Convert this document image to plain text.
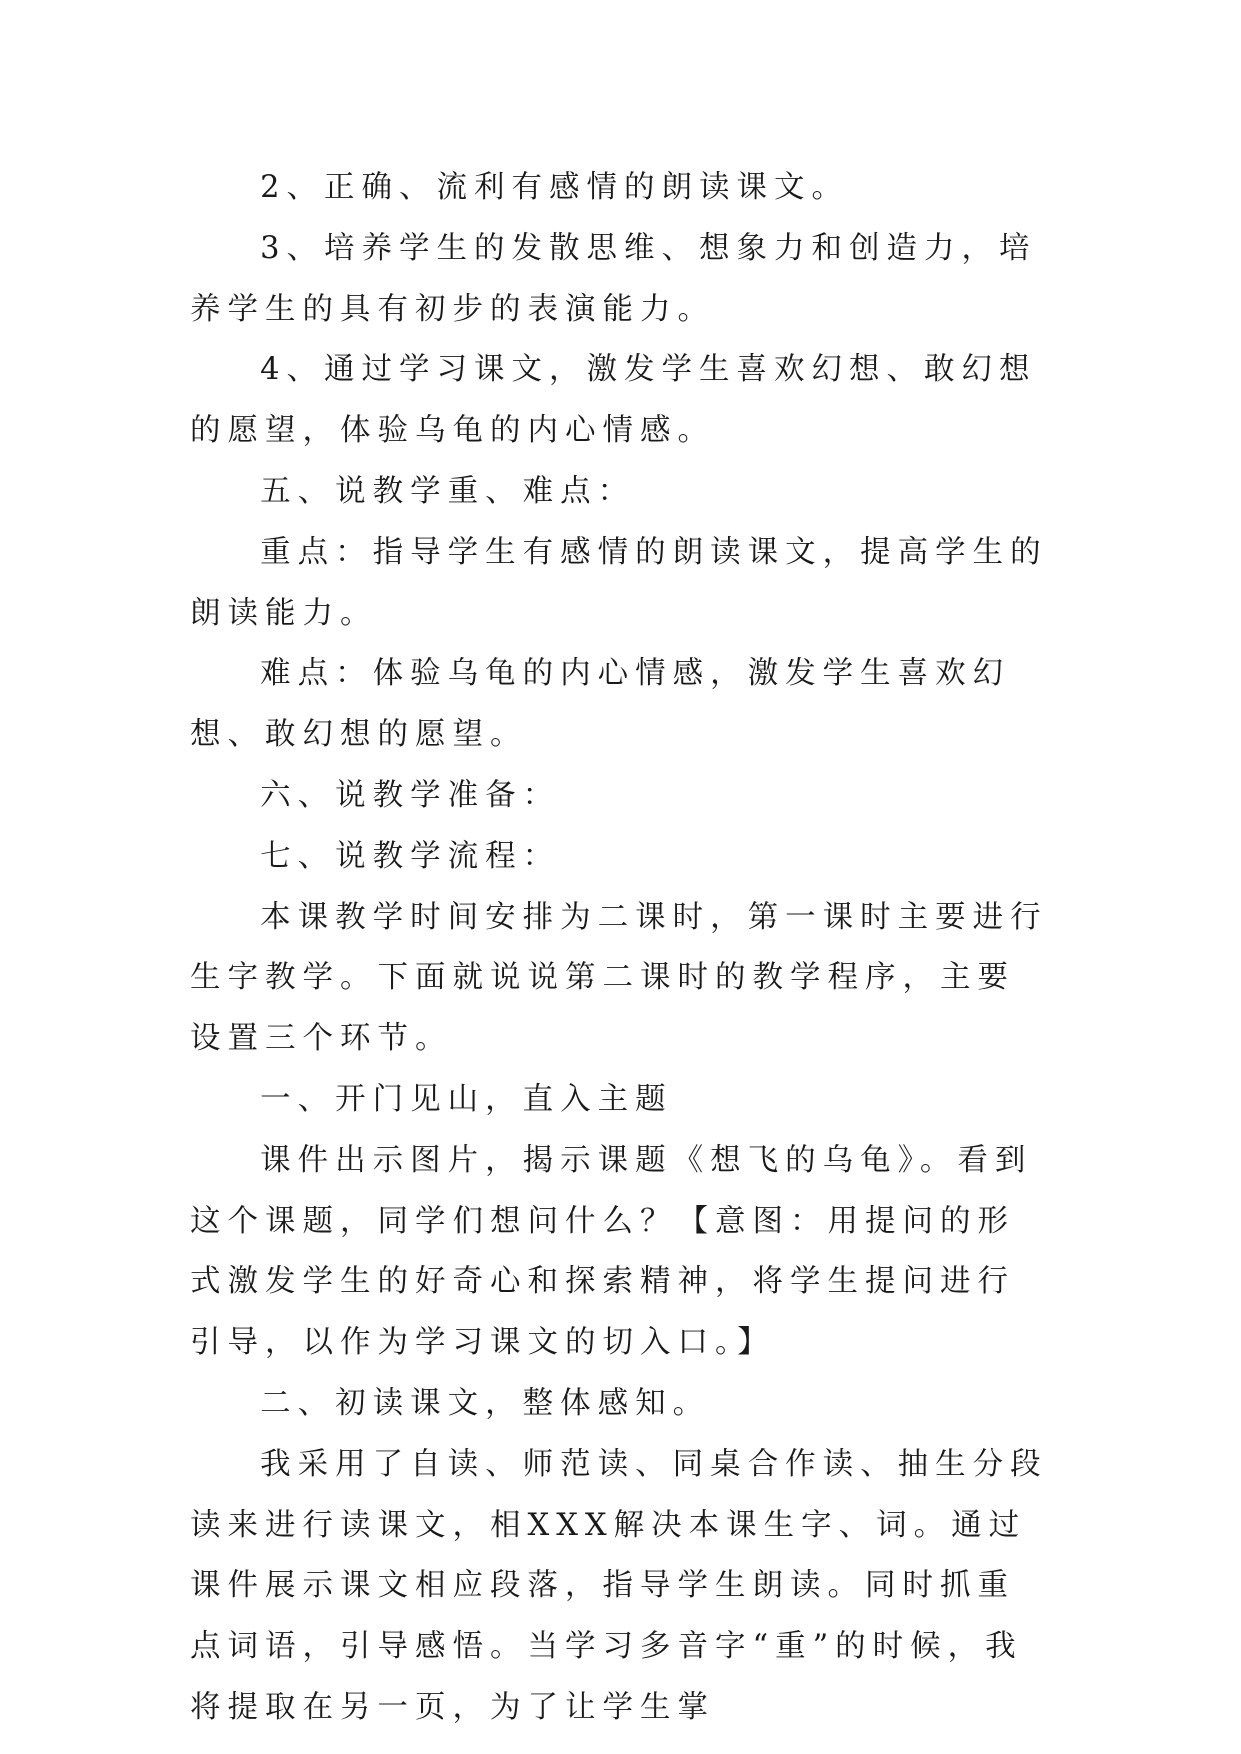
2、正确、流利有感情的朗读课文。

3、培养学生的发散思维、想象力和创造力，培养学生的具有初步的表演能力。

4、通过学习课文，激发学生喜欢幻想、敢幻想的愿望，体验乌龟的内心情感。

五、说教学重、难点：

重点：指导学生有感情的朗读课文，提高学生的朗读能力。

难点：体验乌龟的内心情感，激发学生喜欢幻想、敢幻想的愿望。

六、说教学准备：

七、说教学流程：

本课教学时间安排为二课时，第一课时主要进行生字教学。下面就说说第二课时的教学程序，主要设置三个环节。

一、开门见山，直入主题

课件出示图片，揭示课题《想飞的乌龟》。看到这个课题，同学们想问什么？【意图：用提问的形式激发学生的好奇心和探索精神，将学生提问进行引导，以作为学习课文的切入口。】

二、初读课文，整体感知。

我采用了自读、师范读、同桌合作读、抽生分段读来进行读课文，相XXX解决本课生字、词。通过课件展示课文相应段落，指导学生朗读。同时抓重点词语，引导感悟。当学习多音字“重”的时候，我将提取在另一页，为了让学生掌
